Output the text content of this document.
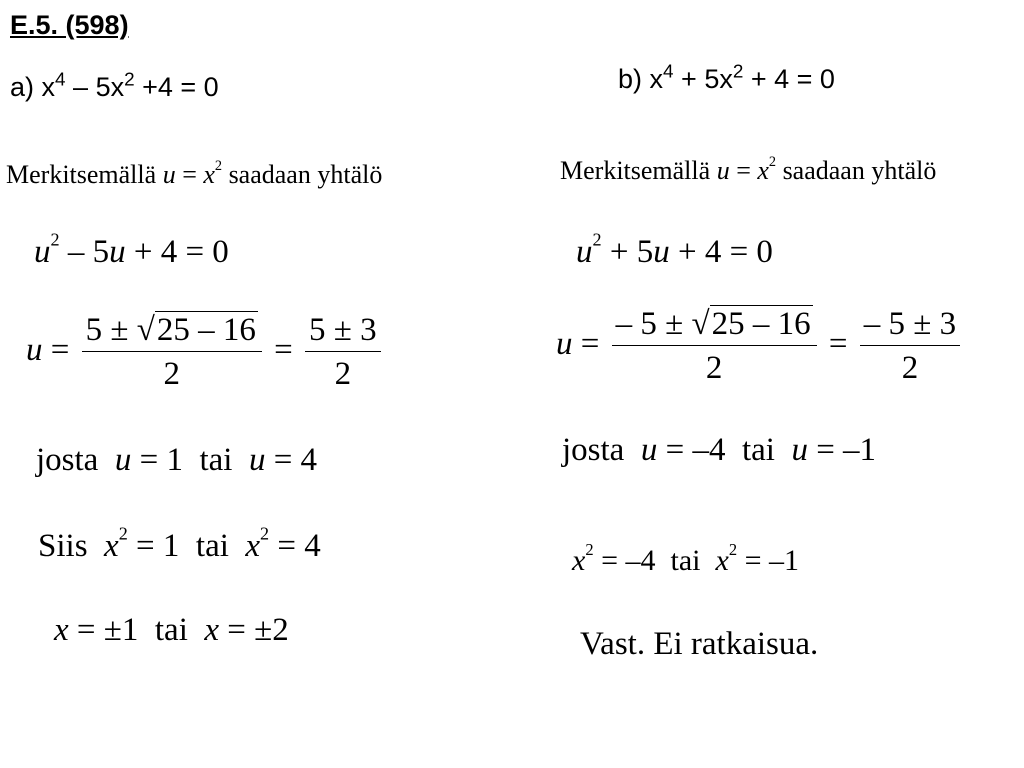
E.5. (598)
a) $x^4 - 5x^2 +4 = 0$
Merkitsemällä $u = x^2$ saadaan yhtälö
$u^2 - 5u + 4 = 0$
$u = \frac{5 \pm √25 - 16}{2} = \frac{5 \pm 3}{2}$
josta u = 1 tai u = 4
Siis $x^2 = 1$ tai $x^2 = 4$
x = ±1 tai x = ±2
b) $x^4 + 5x^2 + 4 = 0$
Merkitsemällä $u = x^2$ saadaan yhtälö
$u^2 + 5u + 4 = 0$
$u = \frac{- 5 \pm √25 - 16}{2} = \frac{- 5 \pm 3}{2}$
josta u = –4 tai u = –1
$x^2 = -4$ tai $x^2 = -1$
Vast. Ei ratkaisua.
